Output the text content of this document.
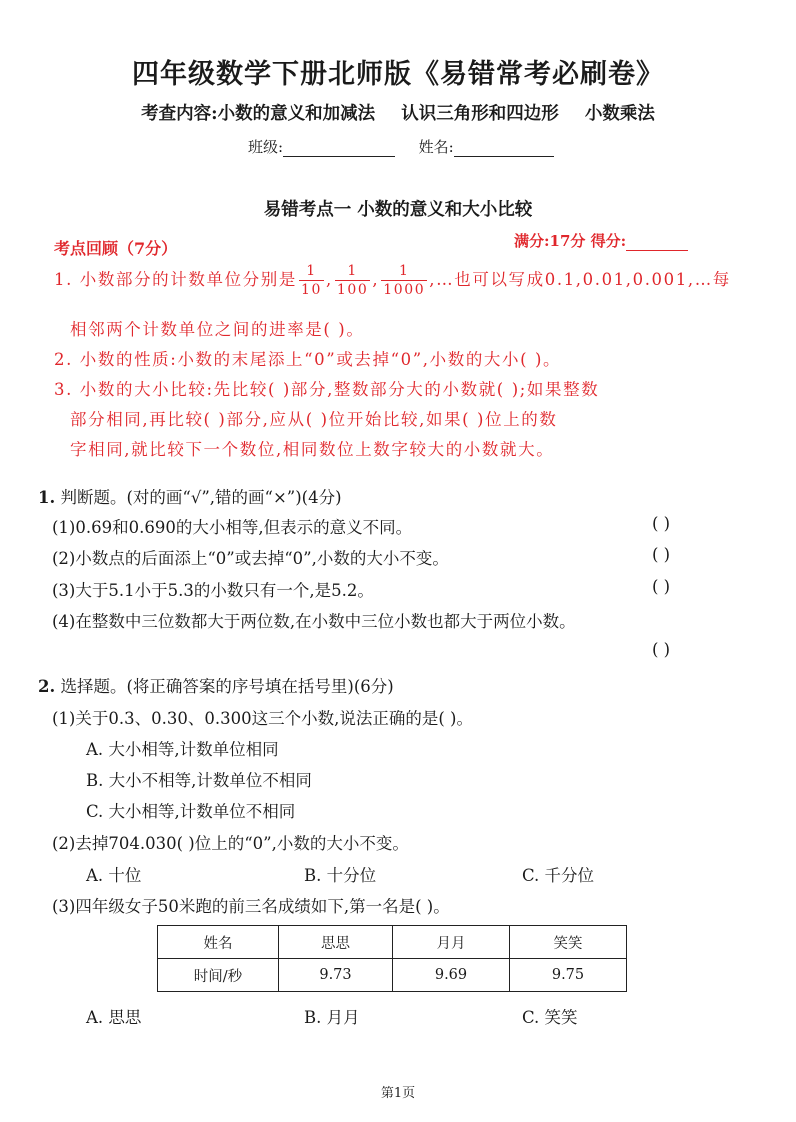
四年级数学下册北师版《易错常考必刷卷》
考查内容:小数的意义和加减法 认识三角形和四边形 小数乘法
班级:	姓名:
易错考点一 小数的意义和大小比较
考点回顾（7分）	满分:17分 得分:
1. 小数部分的计数单位分别是 $\frac{1}{10}$ , $\frac{1}{100}$ , $\frac{1}{1000}$ ,…也可以写成0.1,0.01,0.001,…每
相邻两个计数单位之间的进率是( )。
2. 小数的性质:小数的末尾添上“0”或去掉“0”,小数的大小( )。
3. 小数的大小比较:先比较( )部分,整数部分大的小数就( );如果整数
部分相同,再比较( )部分,应从( )位开始比较,如果( )位上的数
字相同,就比较下一个数位,相同数位上数字较大的小数就大。
1. 判断题。(对的画“√”,错的画“×”)(4分)
(1)0.69和0.690的大小相等,但表示的意义不同。	( )
(2)小数点的后面添上“0”或去掉“0”,小数的大小不变。	( )
(3)大于5.1小于5.3的小数只有一个,是5.2。	( )
(4)在整数中三位数都大于两位数,在小数中三位小数也都大于两位小数。
( )
2. 选择题。(将正确答案的序号填在括号里)(6分)
(1)关于0.3、0.30、0.300这三个小数,说法正确的是( )。
A. 大小相等,计数单位相同
B. 大小不相等,计数单位不相同
C. 大小相等,计数单位不相同
(2)去掉704.030( )位上的“0”,小数的大小不变。
A. 十位	B. 十分位	C. 千分位
(3)四年级女子50米跑的前三名成绩如下,第一名是( )。
姓名	思思	月月	笑笑
时间/秒	9.73	9.69	9.75
A. 思思	B. 月月	C. 笑笑
第1页
